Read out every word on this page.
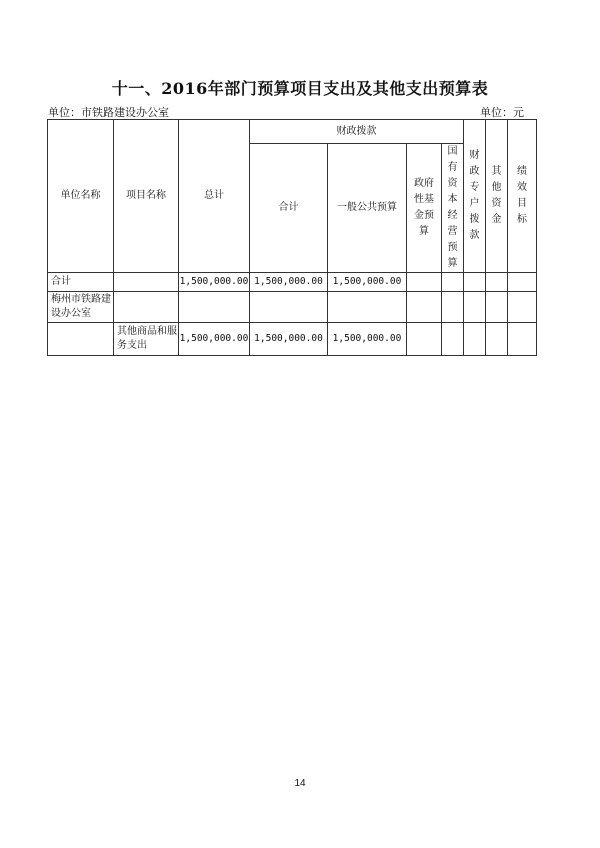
十一、2016年部门预算项目支出及其他支出预算表
单位：市铁路建设办公室	单位：元
单位名称	项目名称	总计	财政拨款				财政专户拨款	其他资金	绩效目标
			合计	一般公共预算	政府性基金预算	国有资本经营预算			
合计		1,500,000.00	1,500,000.00	1,500,000.00					
梅州市铁路建设办公室									
	其他商品和服务支出	1,500,000.00	1,500,000.00	1,500,000.00					
14
